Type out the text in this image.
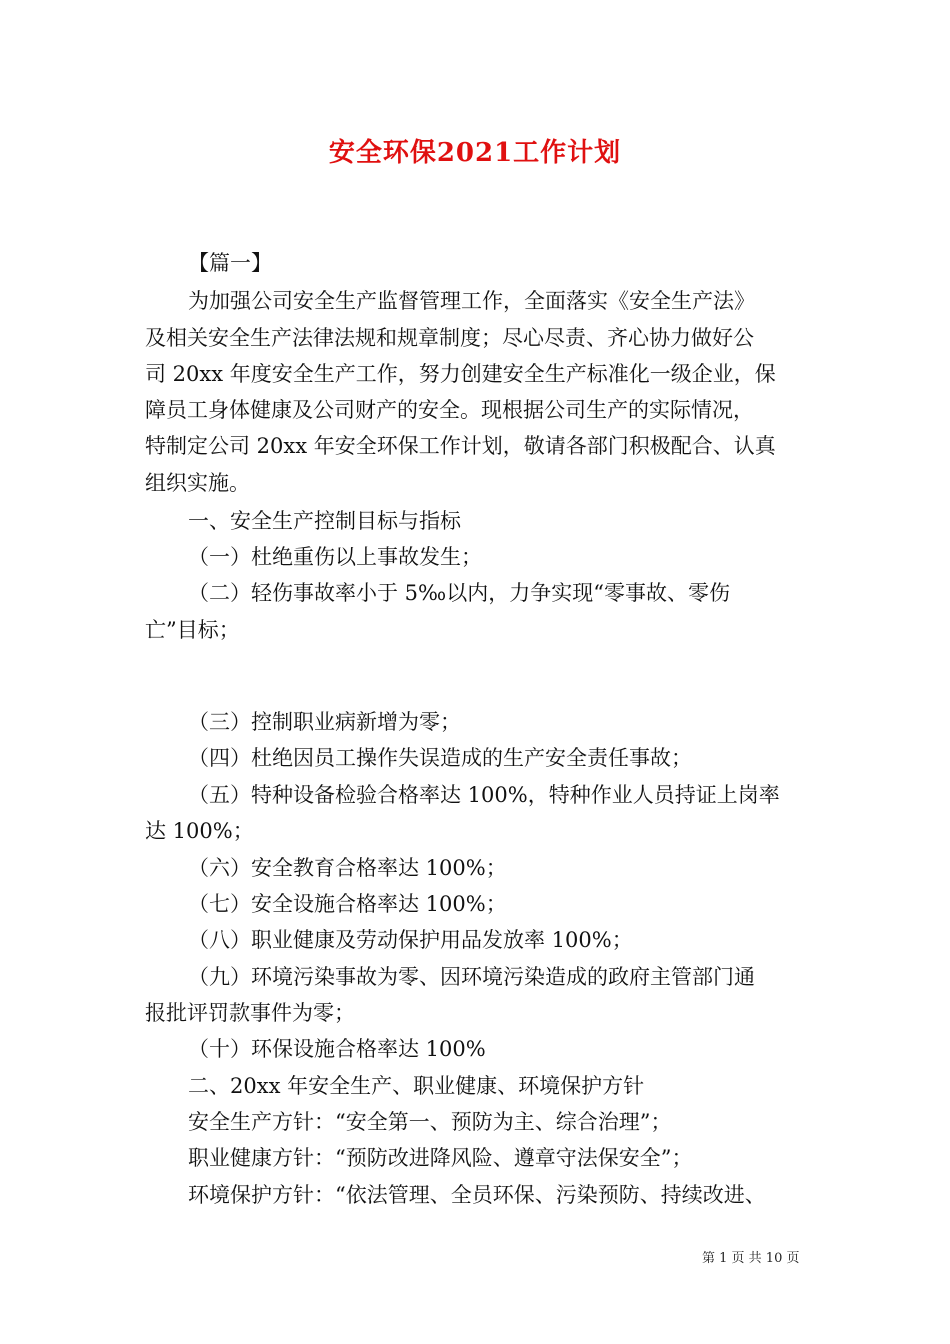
安全环保2021工作计划
【篇一】
为加强公司安全生产监督管理工作，全面落实《安全生产法》
及相关安全生产法律法规和规章制度；尽心尽责、齐心协力做好公
司 20xx 年度安全生产工作，努力创建安全生产标准化一级企业，保
障员工身体健康及公司财产的安全。现根据公司生产的实际情况，
特制定公司 20xx 年安全环保工作计划，敬请各部门积极配合、认真
组织实施。
一、安全生产控制目标与指标
（一）杜绝重伤以上事故发生；
（二）轻伤事故率小于 5‰以内，力争实现“零事故、零伤
亡”目标；
（三）控制职业病新增为零；
（四）杜绝因员工操作失误造成的生产安全责任事故；
（五）特种设备检验合格率达 100%，特种作业人员持证上岗率
达 100%；
（六）安全教育合格率达 100%；
（七）安全设施合格率达 100%；
（八）职业健康及劳动保护用品发放率 100%；
（九）环境污染事故为零、因环境污染造成的政府主管部门通
报批评罚款事件为零；
（十）环保设施合格率达 100%
二、20xx 年安全生产、职业健康、环境保护方针
安全生产方针：“安全第一、预防为主、综合治理”；
职业健康方针：“预防改进降风险、遵章守法保安全”；
环境保护方针：“依法管理、全员环保、污染预防、持续改进、
第 1 页 共 10 页
